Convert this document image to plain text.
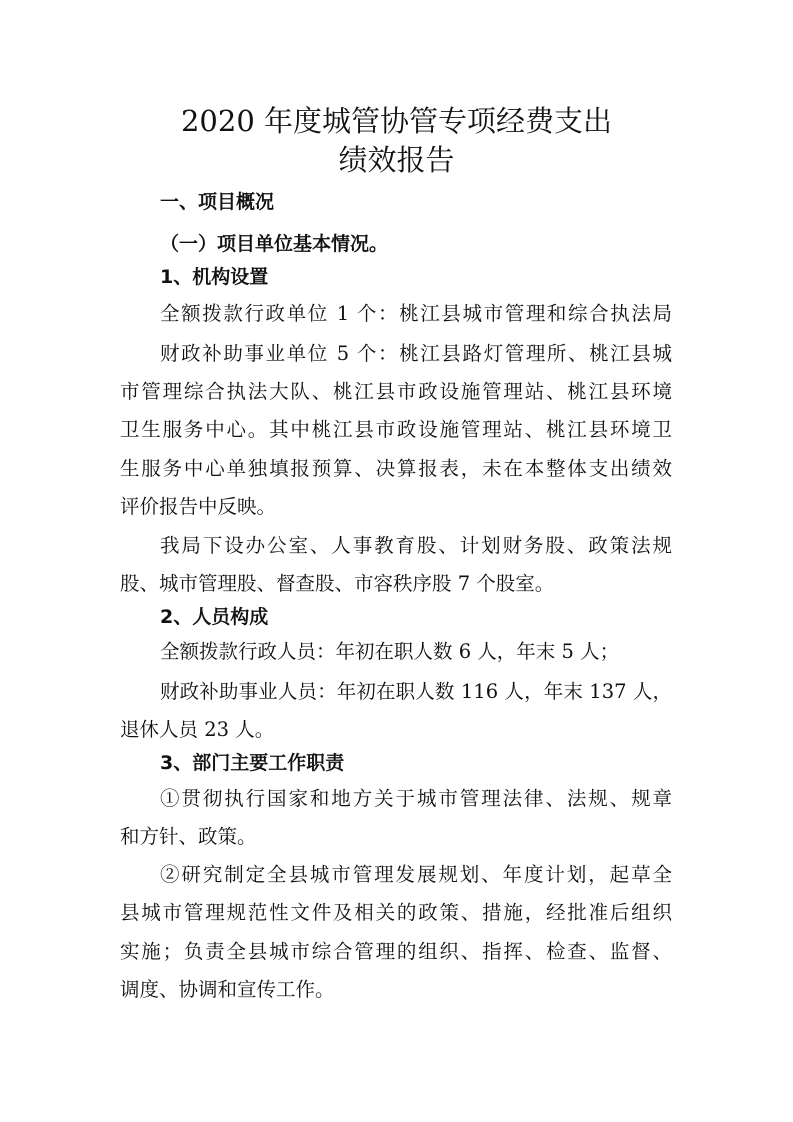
2020 年度城管协管专项经费支出
绩效报告
一、项目概况
（一）项目单位基本情况。
1、机构设置
全额拨款行政单位 1 个：桃江县城市管理和综合执法局
财政补助事业单位 5 个：桃江县路灯管理所、桃江县城
市管理综合执法大队、桃江县市政设施管理站、桃江县环境
卫生服务中心。其中桃江县市政设施管理站、桃江县环境卫
生服务中心单独填报预算、决算报表，未在本整体支出绩效
评价报告中反映。
我局下设办公室、人事教育股、计划财务股、政策法规
股、城市管理股、督查股、市容秩序股 7 个股室。
2、人员构成
全额拨款行政人员：年初在职人数 6 人，年末 5 人；
财政补助事业人员：年初在职人数 116 人，年末 137 人，
退休人员 23 人。
3、部门主要工作职责
①贯彻执行国家和地方关于城市管理法律、法规、规章
和方针、政策。
②研究制定全县城市管理发展规划、年度计划，起草全
县城市管理规范性文件及相关的政策、措施，经批准后组织
实施；负责全县城市综合管理的组织、指挥、检查、监督、
调度、协调和宣传工作。
